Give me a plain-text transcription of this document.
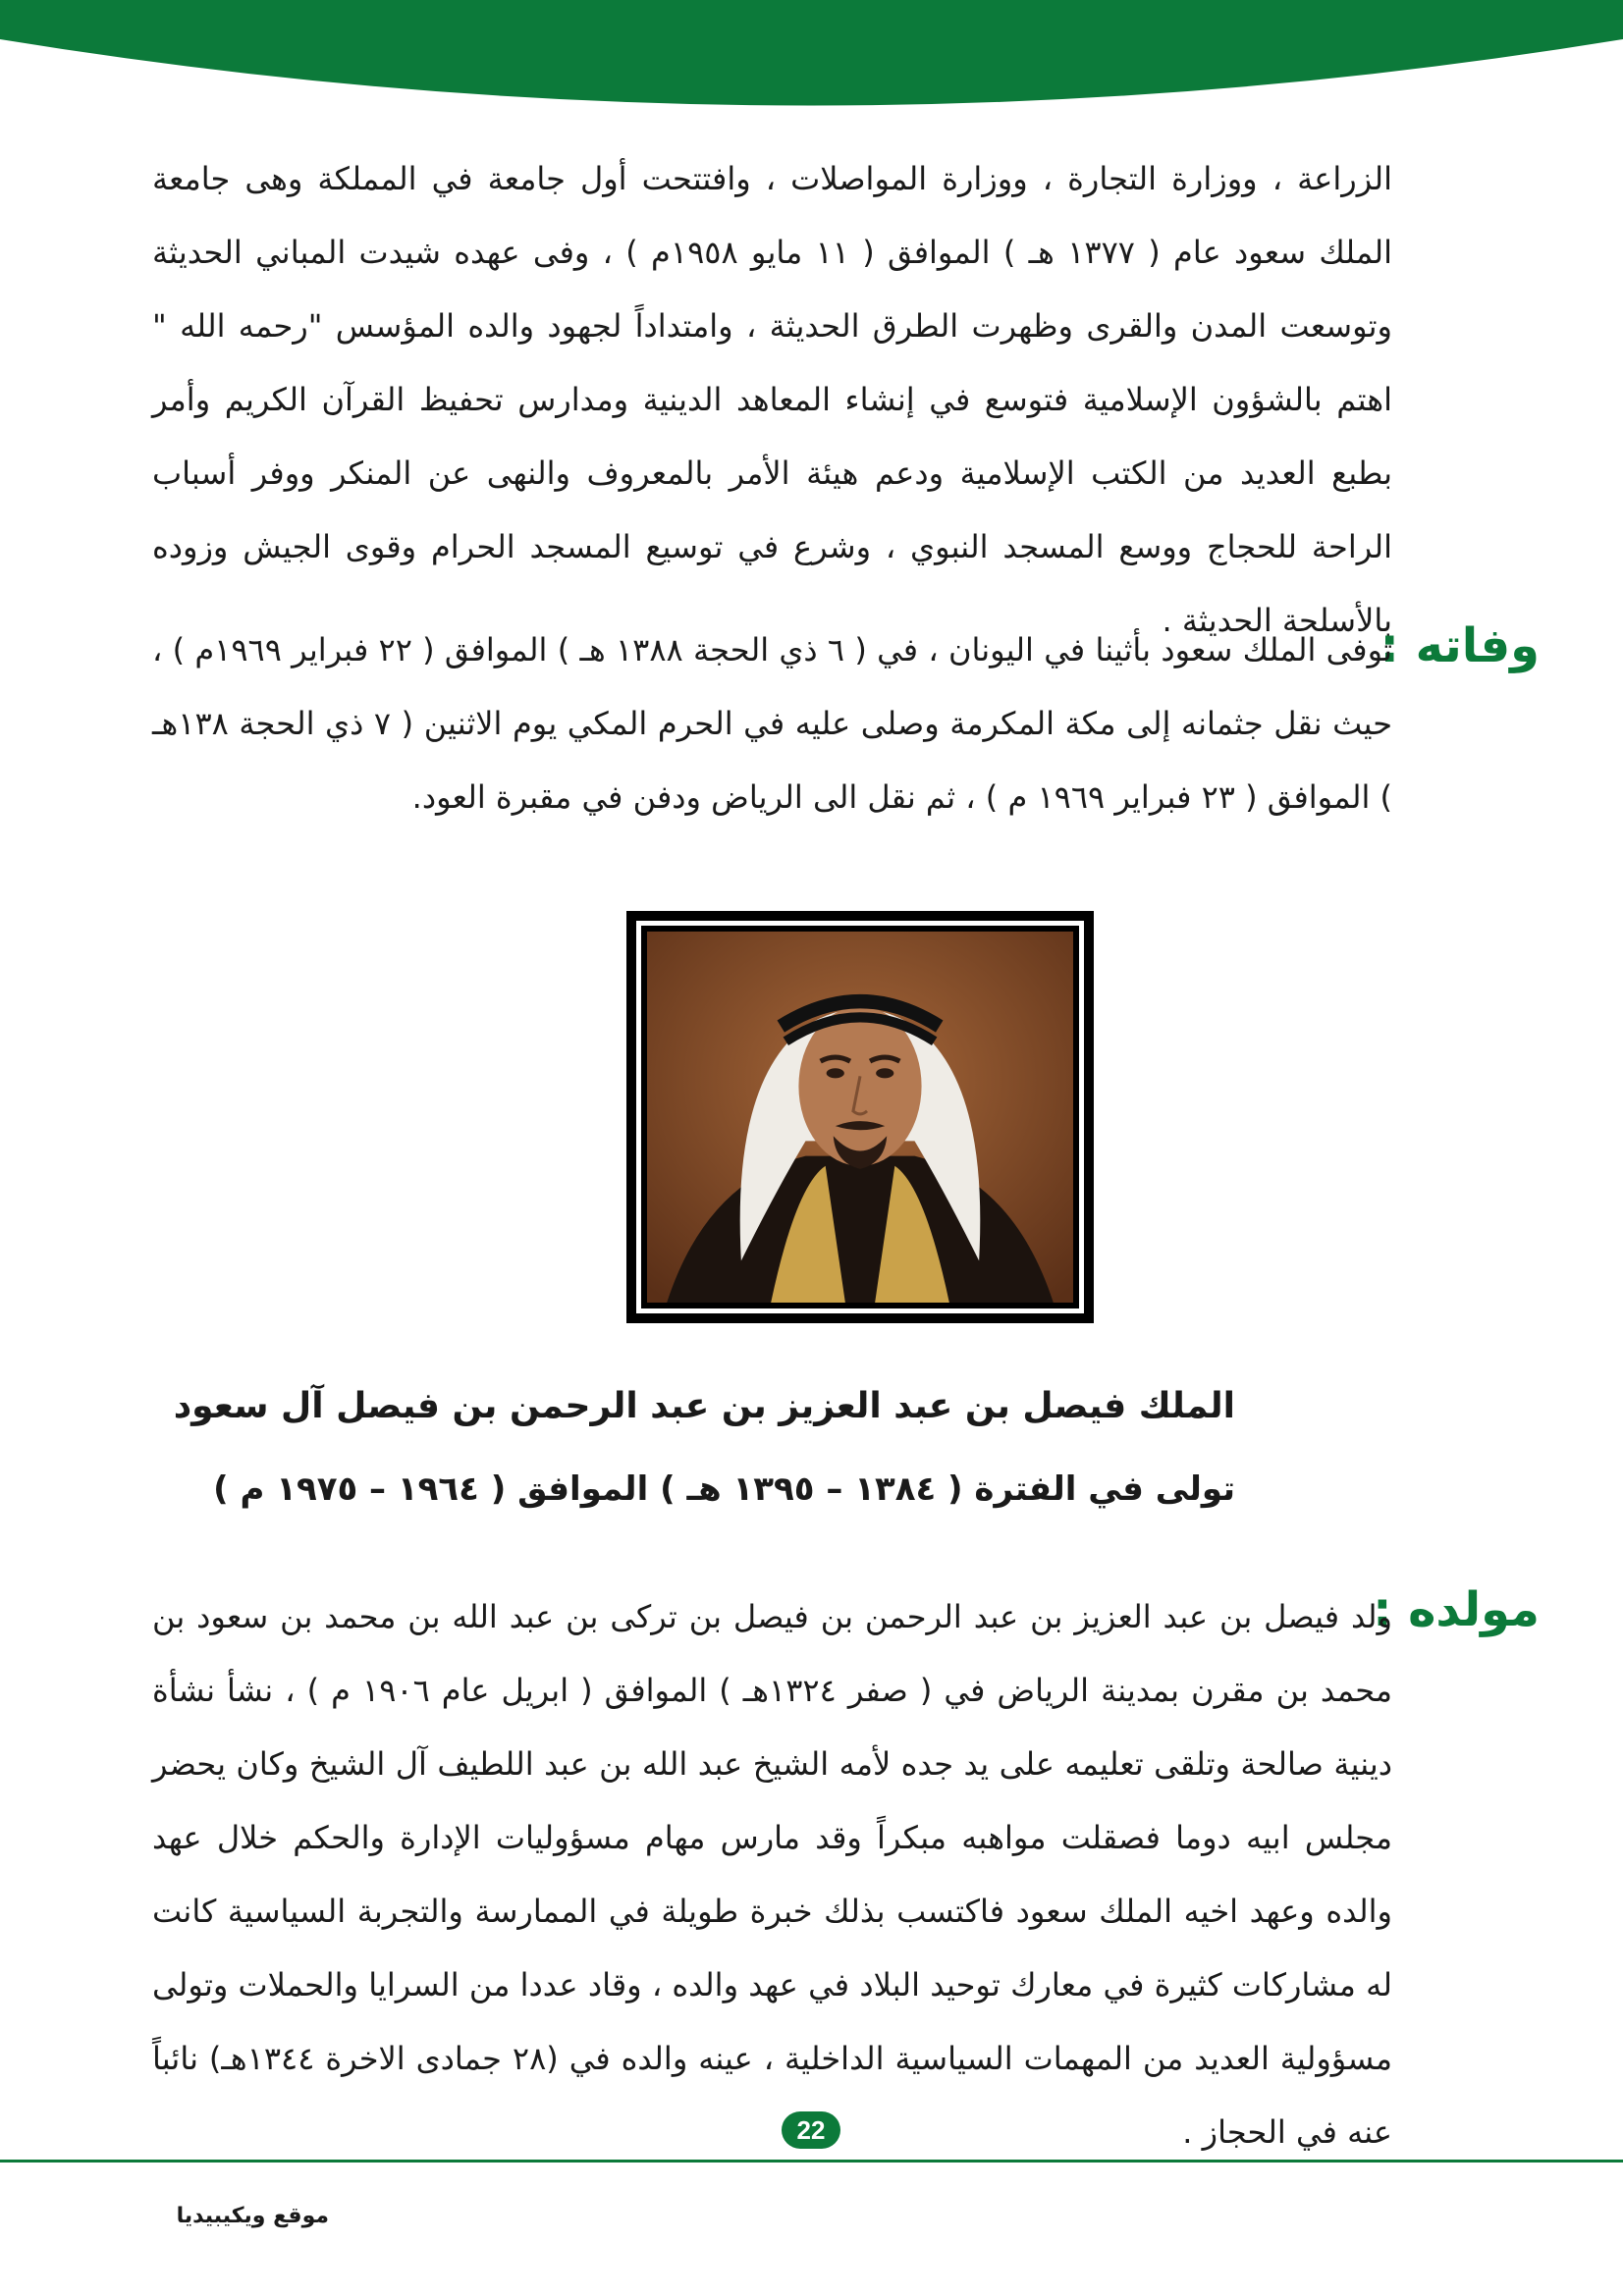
الزراعة ، ووزارة التجارة ، ووزارة المواصلات ، وافتتحت أول جامعة في المملكة وهى جامعة الملك سعود عام ( ١٣٧٧ هـ ) الموافق ( ١١ مايو ١٩٥٨م ) ، وفى عهده شيدت المباني الحديثة وتوسعت المدن والقرى وظهرت الطرق الحديثة ، وامتداداً لجهود والده المؤسس "رحمه الله " اهتم بالشؤون الإسلامية فتوسع في إنشاء المعاهد الدينية ومدارس تحفيظ القرآن الكريم وأمر بطبع العديد من الكتب الإسلامية ودعم هيئة الأمر بالمعروف والنهى عن المنكر ووفر أسباب الراحة للحجاج ووسع المسجد النبوي ، وشرع في توسيع المسجد الحرام وقوى الجيش وزوده بالأسلحة الحديثة .

وفاته :

توفى الملك سعود بأثينا في اليونان ، في ( ٦ ذي الحجة ١٣٨٨ هـ ) الموافق ( ٢٢ فبراير ١٩٦٩م ) ، حيث نقل جثمانه إلى مكة المكرمة وصلى عليه في الحرم المكي يوم الاثنين ( ٧ ذي الحجة ١٣٨هـ ) الموافق ( ٢٣ فبراير ١٩٦٩ م ) ، ثم نقل الى الرياض ودفن في مقبرة العود.

الملك فيصل بن عبد العزيز بن عبد الرحمن بن فيصل آل سعود
تولى في الفترة ( ١٣٨٤ – ١٣٩٥ هـ ) الموافق ( ١٩٦٤ – ١٩٧٥ م )
مولده :

ولد فيصل بن عبد العزيز بن عبد الرحمن بن فيصل بن تركى بن عبد الله بن محمد بن سعود بن محمد بن مقرن بمدينة الرياض في ( صفر ١٣٢٤هـ ) الموافق ( ابريل عام ١٩٠٦ م ) ، نشأ نشأة دينية صالحة وتلقى تعليمه على يد جده لأمه الشيخ عبد الله بن عبد اللطيف آل الشيخ وكان يحضر مجلس ابيه دوما فصقلت مواهبه مبكراً وقد مارس مهام مسؤوليات الإدارة والحكم خلال عهد والده وعهد اخيه الملك سعود فاكتسب بذلك خبرة طويلة في الممارسة والتجربة السياسية كانت له مشاركات كثيرة في معارك توحيد البلاد في عهد والده ، وقاد عددا من السرايا والحملات وتولى مسؤولية العديد من المهمات السياسية الداخلية ، عينه والده في (٢٨ جمادى الاخرة ١٣٤٤هـ) نائباً عنه في الحجاز .

22
موقع ويكيبيديا
